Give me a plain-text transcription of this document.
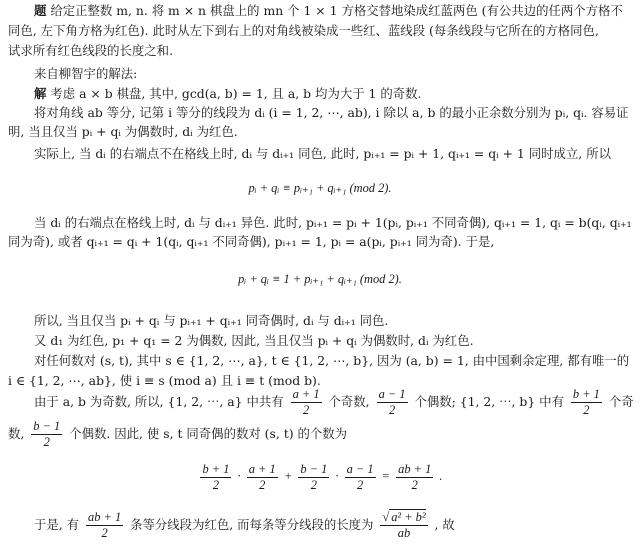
题 给定正整数 m, n. 将 m × n 棋盘上的 mn 个 1 × 1 方格交替地染成红蓝两色 (有公共边的任两个方格不
同色, 左下角方格为红色). 此时从左下到右上的对角线被染成一些红、蓝线段 (每条线段与它所在的方格同色,
试求所有红色线段的长度之和.
来自柳智宇的解法:
解 考虑 a × b 棋盘, 其中, gcd(a, b) = 1, 且 a, b 均为大于 1 的奇数.
将对角线 ab 等分, 记第 i 等分的线段为 dᵢ (i = 1, 2, ⋯, ab), i 除以 a, b 的最小正余数分别为 pᵢ, qᵢ. 容易证
明, 当且仅当 pᵢ + qᵢ 为偶数时, dᵢ 为红色.
实际上, 当 dᵢ 的右端点不在格线上时, dᵢ 与 dᵢ₊₁ 同色, 此时, pᵢ₊₁ = pᵢ + 1, qᵢ₊₁ = qᵢ + 1 同时成立, 所以
pᵢ + qᵢ ≡ pᵢ₊₁ + qᵢ₊₁ (mod 2).
当 dᵢ 的右端点在格线上时, dᵢ 与 dᵢ₊₁ 异色. 此时, pᵢ₊₁ = pᵢ + 1(pᵢ, pᵢ₊₁ 不同奇偶), qᵢ₊₁ = 1, qᵢ = b(qᵢ, qᵢ₊₁
同为奇), 或者 qᵢ₊₁ = qᵢ + 1(qᵢ, qᵢ₊₁ 不同奇偶), pᵢ₊₁ = 1, pᵢ = a(pᵢ, pᵢ₊₁ 同为奇). 于是,
pᵢ + qᵢ ≡ 1 + pᵢ₊₁ + qᵢ₊₁ (mod 2).
所以, 当且仅当 pᵢ + qᵢ 与 pᵢ₊₁ + qᵢ₊₁ 同奇偶时, dᵢ 与 dᵢ₊₁ 同色.
又 d₁ 为红色, p₁ + q₁ = 2 为偶数, 因此, 当且仅当 pᵢ + qᵢ 为偶数时, dᵢ 为红色.
对任何数对 (s, t), 其中 s ∈ {1, 2, ⋯, a}, t ∈ {1, 2, ⋯, b}, 因为 (a, b) = 1, 由中国剩余定理, 都有唯一的
i ∈ {1, 2, ⋯, ab}, 使 i ≡ s (mod a) 且 i ≡ t (mod b).
由于 a, b 为奇数, 所以, {1, 2, ⋯, a} 中共有 $\frac{a + 1}{2}$ 个奇数, $\frac{a - 1}{2}$ 个偶数; {1, 2, ⋯, b} 中有 $\frac{b + 1}{2}$ 个奇
数, $\frac{b - 1}{2}$ 个偶数. 因此, 使 s, t 同奇偶的数对 (s, t) 的个数为
$\frac{b + 1}{2} \cdot \frac{a + 1}{2} + \frac{b - 1}{2} \cdot \frac{a - 1}{2} = \frac{ab + 1}{2}$ .
于是, 有 $\frac{ab + 1}{2}$ 条等分线段为红色, 而每条等分线段的长度为 $\frac{\text{√ a² + b²}}{ab}$ , 故
